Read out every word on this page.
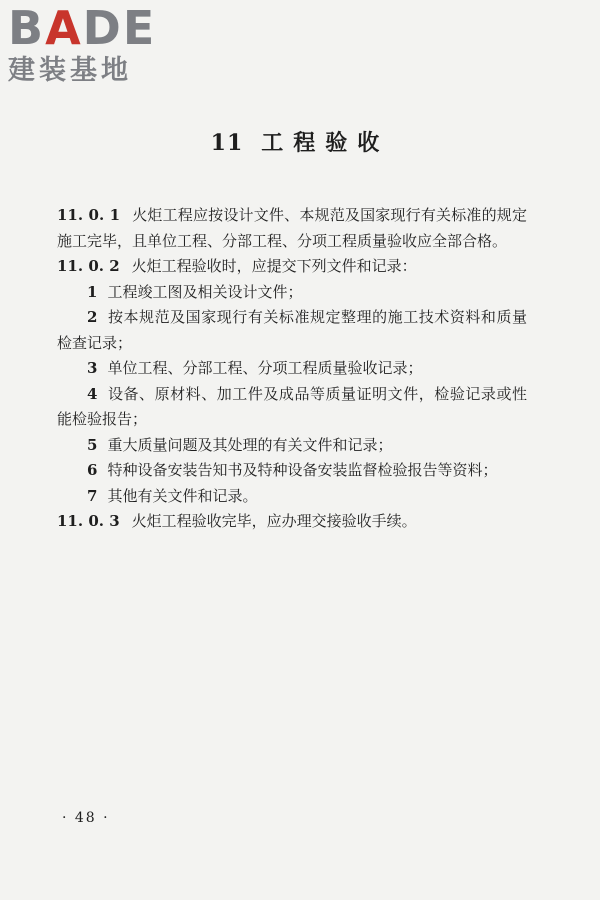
BADE
建装基地
11 工程验收

11. 0. 1 火炬工程应按设计文件、本规范及国家现行有关标准的规定施工完毕，且单位工程、分部工程、分项工程质量验收应全部合格。

11. 0. 2 火炬工程验收时，应提交下列文件和记录：

1 工程竣工图及相关设计文件；

2 按本规范及国家现行有关标准规定整理的施工技术资料和质量检查记录；

3 单位工程、分部工程、分项工程质量验收记录；

4 设备、原材料、加工件及成品等质量证明文件，检验记录或性能检验报告；

5 重大质量问题及其处理的有关文件和记录；

6 特种设备安装告知书及特种设备安装监督检验报告等资料；

7 其他有关文件和记录。

11. 0. 3 火炬工程验收完毕，应办理交接验收手续。

· 48 ·
